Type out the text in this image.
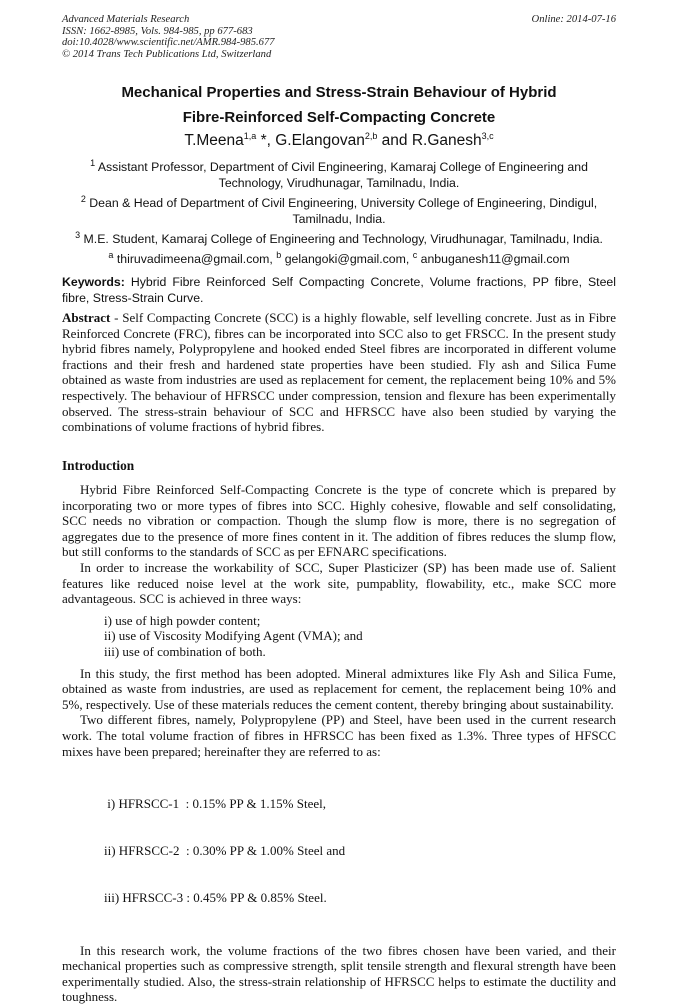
Advanced Materials Research
ISSN: 1662-8985, Vols. 984-985, pp 677-683
doi:10.4028/www.scientific.net/AMR.984-985.677
© 2014 Trans Tech Publications Ltd, Switzerland
Online: 2014-07-16
Mechanical Properties and Stress-Strain Behaviour of Hybrid
Fibre-Reinforced Self-Compacting Concrete
T.Meena$^{1,a}$ *, G.Elangovan$^{2,b}$ and R.Ganesh$^{3,c}$
$^1$ Assistant Professor, Department of Civil Engineering, Kamaraj College of Engineering and Technology, Virudhunagar, Tamilnadu, India.
$^2$ Dean & Head of Department of Civil Engineering, University College of Engineering, Dindigul, Tamilnadu, India.
$^3$ M.E. Student, Kamaraj College of Engineering and Technology, Virudhunagar, Tamilnadu, India.
$^a$ thiruvadimeena@gmail.com, $^b$ gelangoki@gmail.com, $^c$ anbuganesh11@gmail.com
Keywords: Hybrid Fibre Reinforced Self Compacting Concrete, Volume fractions, PP fibre, Steel fibre, Stress-Strain Curve.
Abstract - Self Compacting Concrete (SCC) is a highly flowable, self levelling concrete. Just as in Fibre Reinforced Concrete (FRC), fibres can be incorporated into SCC also to get FRSCC. In the present study hybrid fibres namely, Polypropylene and hooked ended Steel fibres are incorporated in different volume fractions and their fresh and hardened state properties have been studied. Fly ash and Silica Fume obtained as waste from industries are used as replacement for cement, the replacement being 10% and 5% respectively. The behaviour of HFRSCC under compression, tension and flexure has been experimentally observed. The stress-strain behaviour of SCC and HFRSCC have also been studied by varying the combinations of volume fractions of hybrid fibres.
Introduction

Hybrid Fibre Reinforced Self-Compacting Concrete is the type of concrete which is prepared by incorporating two or more types of fibres into SCC. Highly cohesive, flowable and self consolidating, SCC needs no vibration or compaction. Though the slump flow is more, there is no segregation of aggregates due to the presence of more fines content in it. The addition of fibres reduces the slump flow, but still conforms to the standards of SCC as per EFNARC specifications.

In order to increase the workability of SCC, Super Plasticizer (SP) has been made use of. Salient features like reduced noise level at the work site, pumpablity, flowability, etc., make SCC more advantageous. SCC is achieved in three ways:

i) use of high powder content;
ii) use of Viscosity Modifying Agent (VMA); and
iii) use of combination of both.

In this study, the first method has been adopted. Mineral admixtures like Fly Ash and Silica Fume, obtained as waste from industries, are used as replacement for cement, the replacement being 10% and 5%, respectively. Use of these materials reduces the cement content, thereby bringing about sustainability.

Two different fibres, namely, Polypropylene (PP) and Steel, have been used in the current research work. The total volume fraction of fibres in HFRSCC has been fixed as 1.3%. Three types of HFSCC mixes have been prepared; hereinafter they are referred to as:

i) HFRSCC-1  : 0.15% PP & 1.15% Steel,

ii) HFRSCC-2  : 0.30% PP & 1.00% Steel and

iii) HFRSCC-3 : 0.45% PP & 0.85% Steel.

In this research work, the volume fractions of the two fibres chosen have been varied, and their mechanical properties such as compressive strength, split tensile strength and flexural strength have been experimentally studied. Also, the stress-strain relationship of HFRSCC helps to estimate the ductility and toughness.
